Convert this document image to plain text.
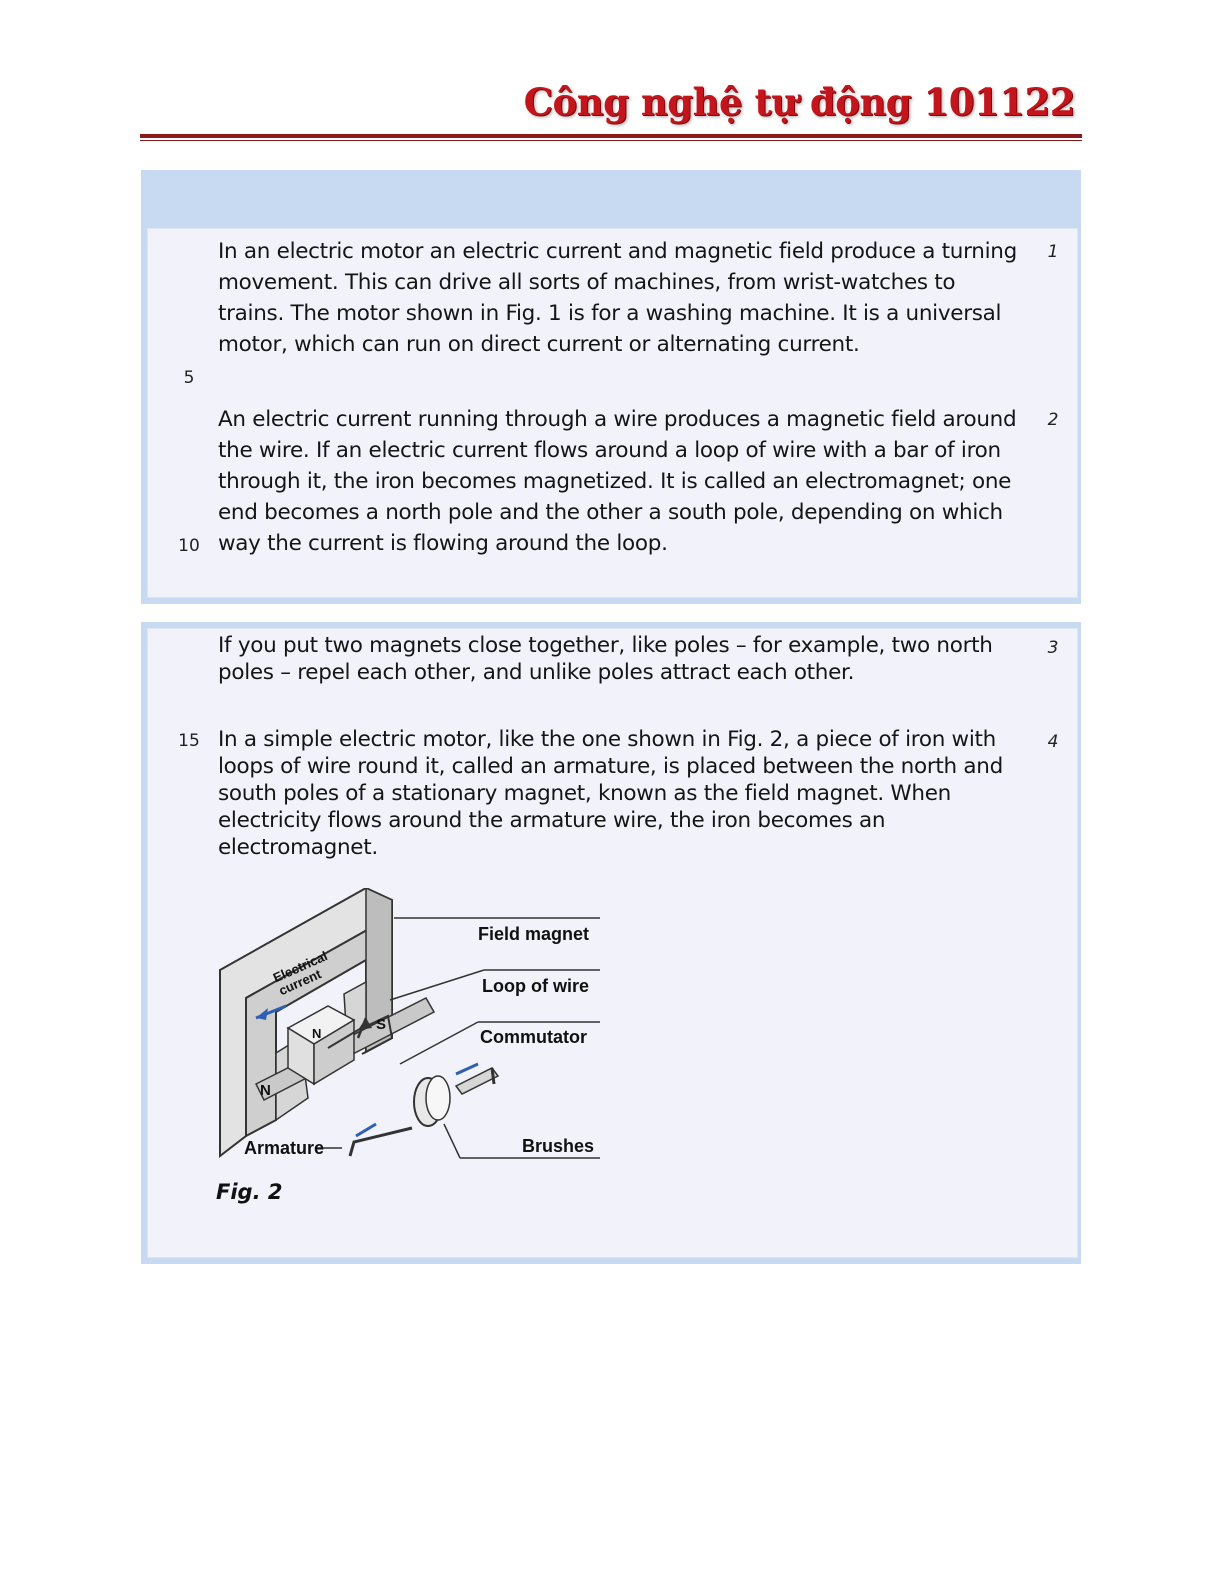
Công nghệ tự động 101122
In an electric motor an electric current and magnetic field produce a turning movement. This can drive all sorts of machines, from wrist-watches to trains. The motor shown in Fig. 1 is for a washing machine. It is a universal motor, which can run on direct current or alternating current.
1
5
An electric current running through a wire produces a magnetic field around the wire. If an electric current flows around a loop of wire with a bar of iron through it, the iron becomes magnetized. It is called an electromagnet; one end becomes a north pole and the other a south pole, depending on which way the current is flowing around the loop.
2
10
If you put two magnets close together, like poles – for example, two north poles – repel each other, and unlike poles attract each other.
3
In a simple electric motor, like the one shown in Fig. 2, a piece of iron with loops of wire round it, called an armature, is placed between the north and south poles of a stationary magnet, known as the field magnet. When electricity flows around the armature wire, the iron becomes an electromagnet.
4
15
Field magnet
Loop of wire
Commutator
Brushes
Armature
Electrical current
N
S
N
Fig. 2
